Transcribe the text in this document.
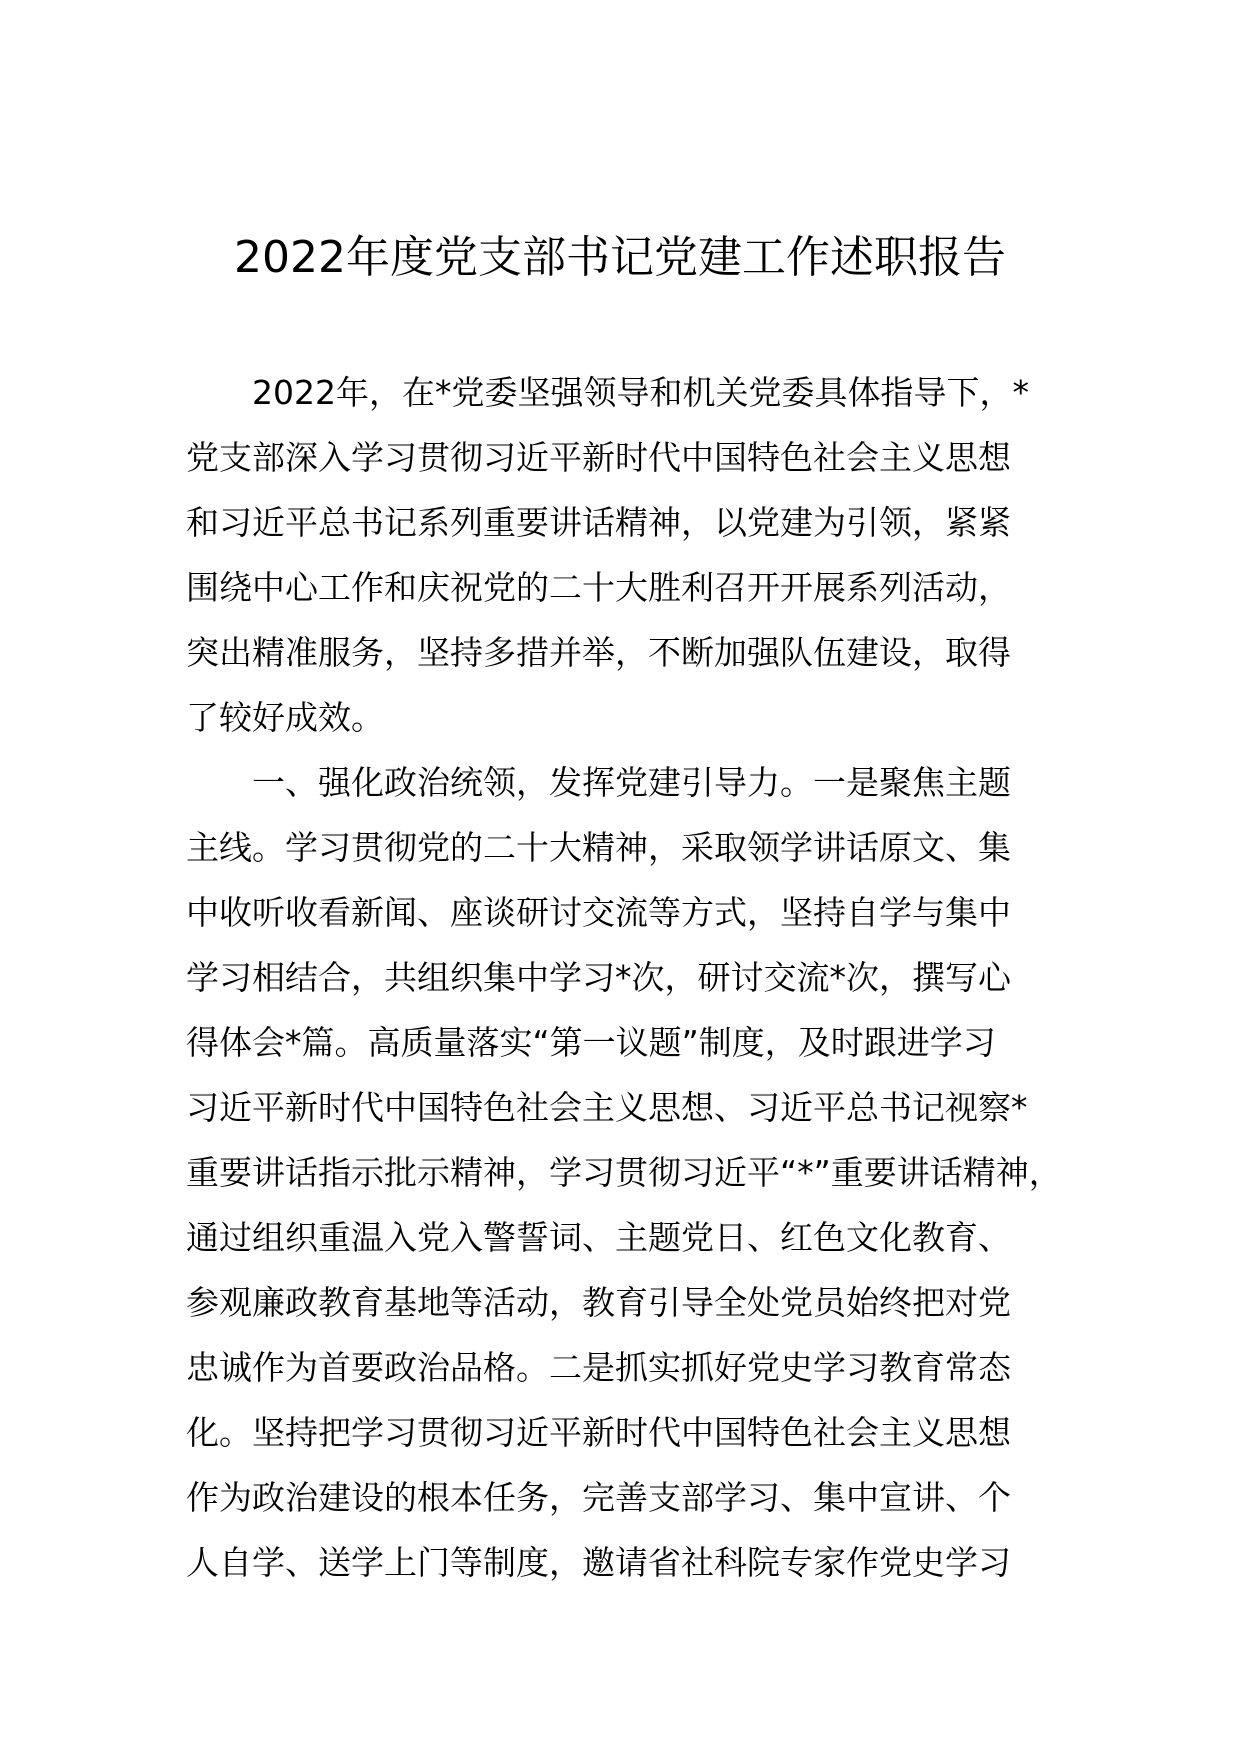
2022年度党支部书记党建工作述职报告
2022年，在*党委坚强领导和机关党委具体指导下，*
党支部深入学习贯彻习近平新时代中国特色社会主义思想
和习近平总书记系列重要讲话精神，以党建为引领，紧紧
围绕中心工作和庆祝党的二十大胜利召开开展系列活动，
突出精准服务，坚持多措并举，不断加强队伍建设，取得
了较好成效。
一、强化政治统领，发挥党建引导力。一是聚焦主题
主线。学习贯彻党的二十大精神，采取领学讲话原文、集
中收听收看新闻、座谈研讨交流等方式，坚持自学与集中
学习相结合，共组织集中学习*次，研讨交流*次，撰写心
得体会*篇。高质量落实“第一议题”制度，及时跟进学习
习近平新时代中国特色社会主义思想、习近平总书记视察*
重要讲话指示批示精神，学习贯彻习近平“*”重要讲话精神，
通过组织重温入党入警誓词、主题党日、红色文化教育、
参观廉政教育基地等活动，教育引导全处党员始终把对党
忠诚作为首要政治品格。二是抓实抓好党史学习教育常态
化。坚持把学习贯彻习近平新时代中国特色社会主义思想
作为政治建设的根本任务，完善支部学习、集中宣讲、个
人自学、送学上门等制度，邀请省社科院专家作党史学习
